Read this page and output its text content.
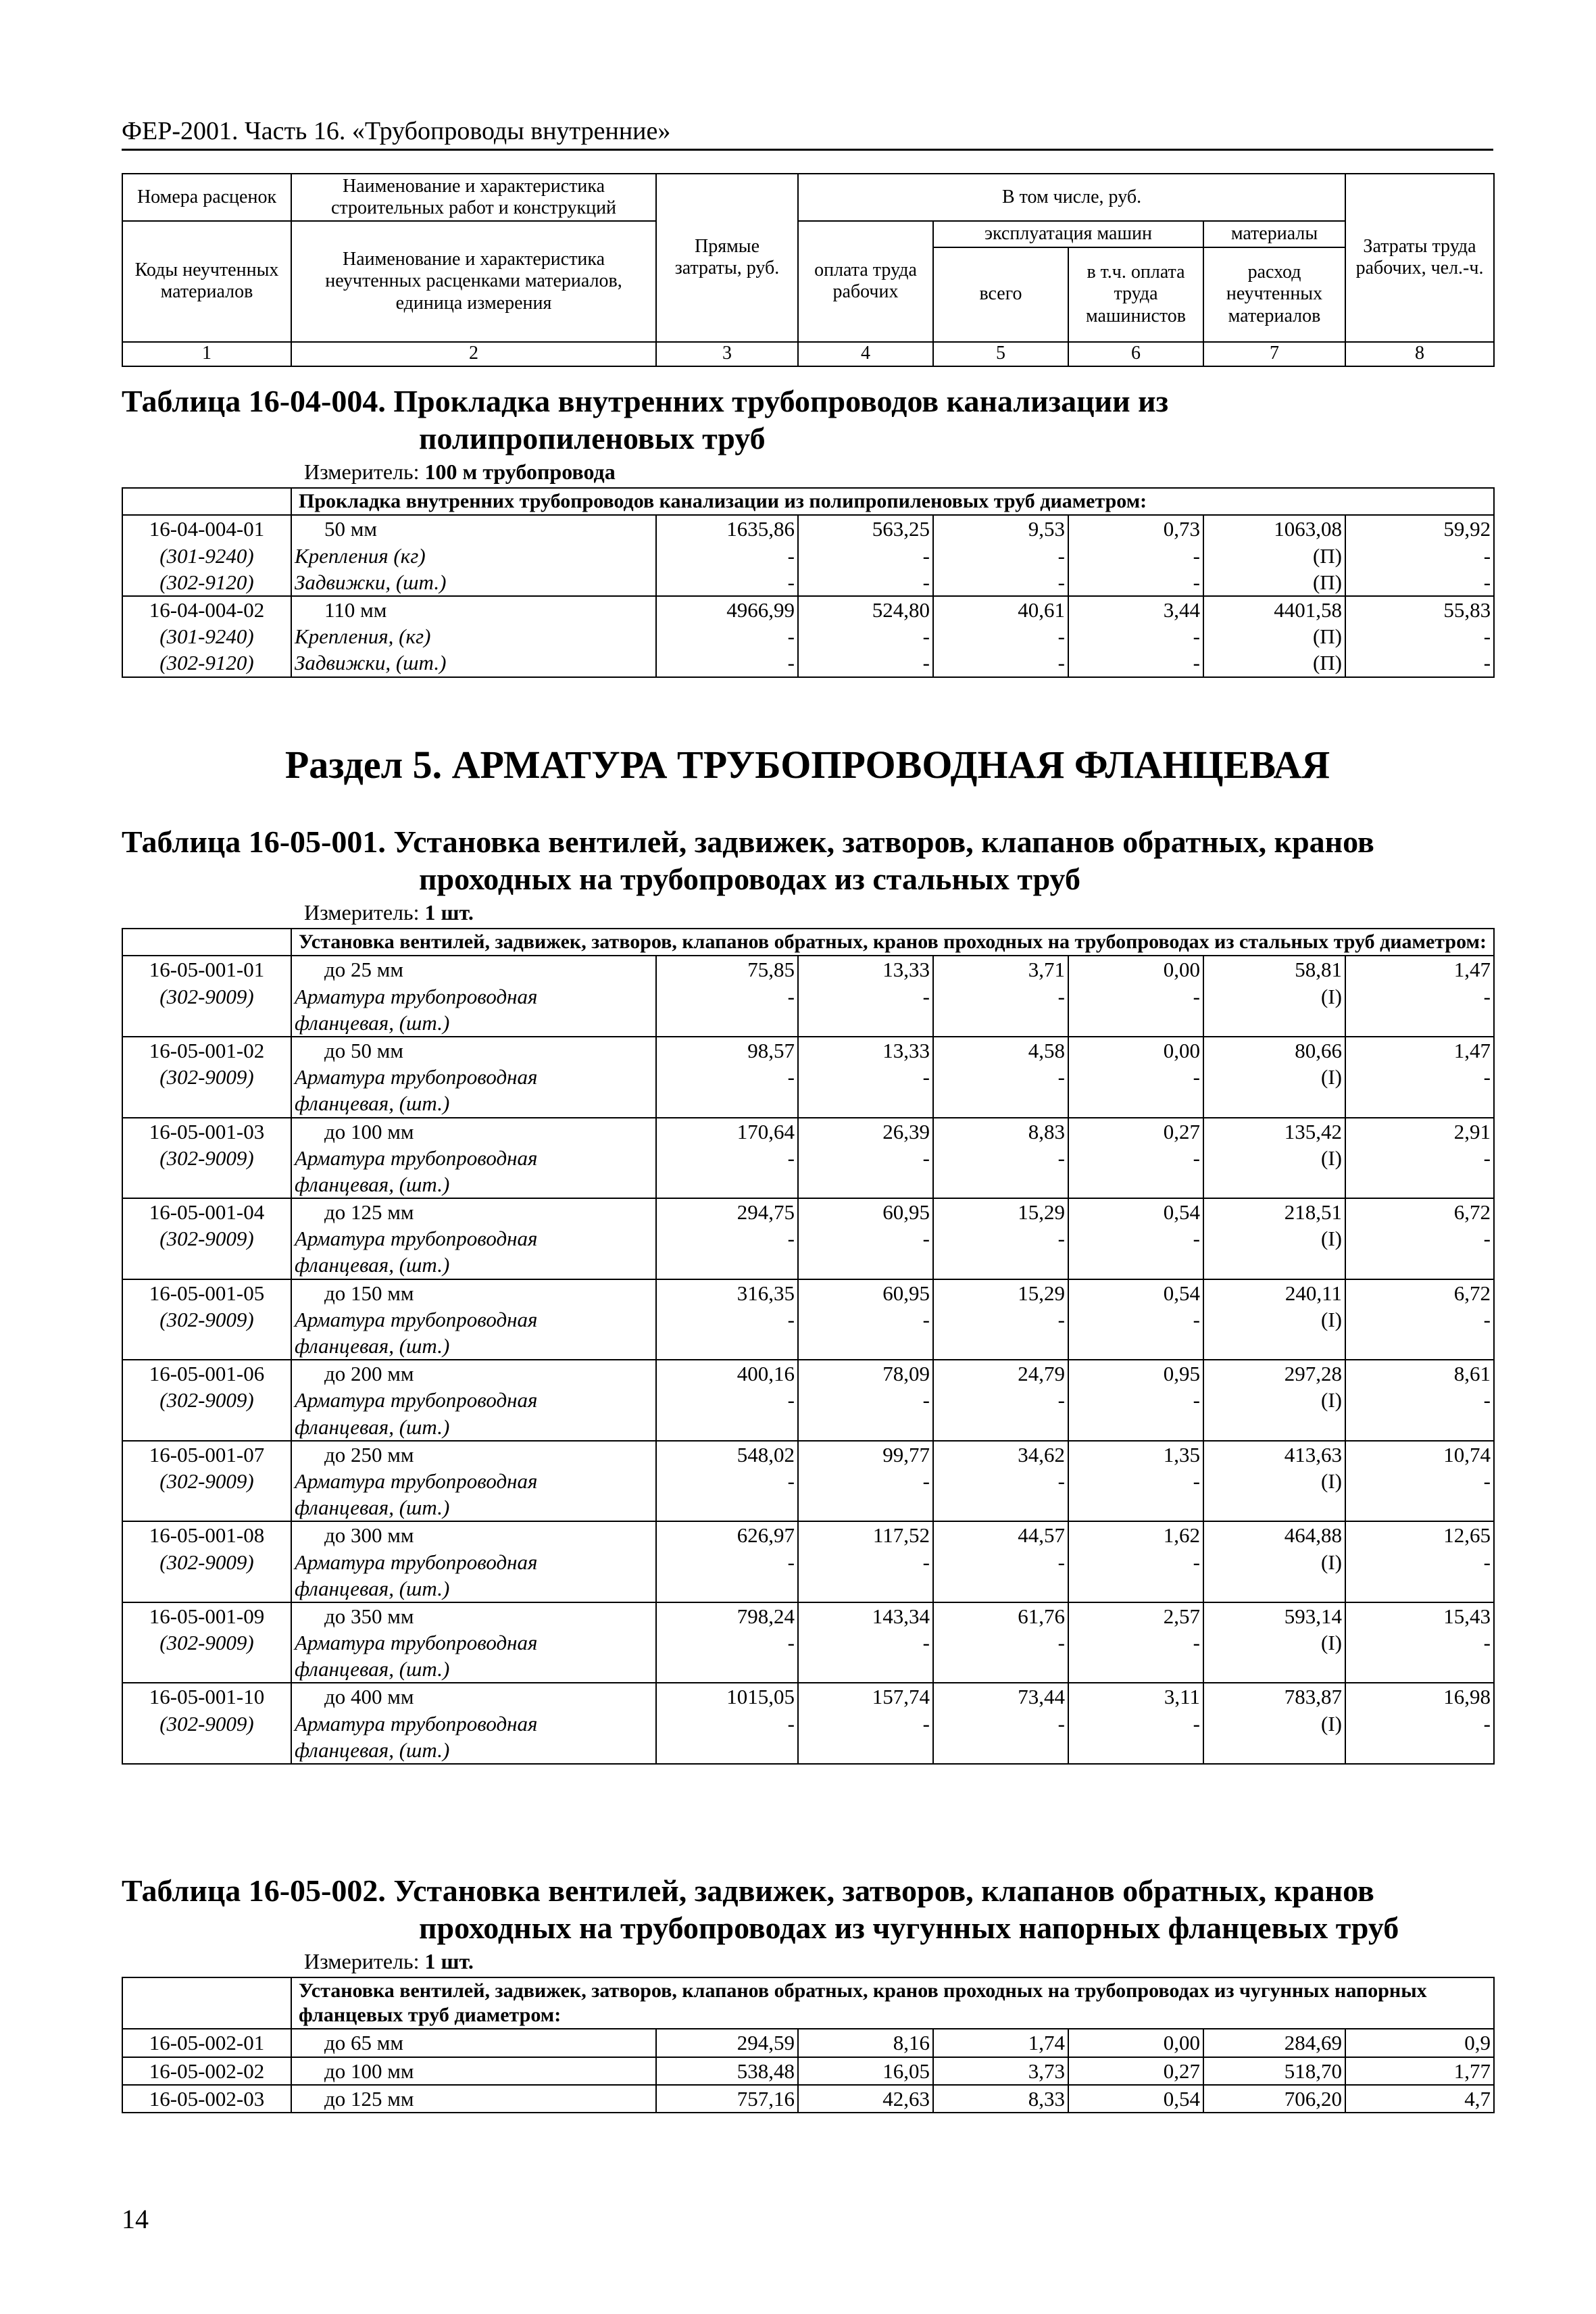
ФЕР-2001. Часть 16. «Трубопроводы внутренние»
Номера расценок	Наименование и характеристика строительных работ и конструкций	Прямые затраты, руб.	В том числе, руб.				Затраты труда рабочих, чел.-ч.
Коды неучтенных материалов	Наименование и характеристика неучтенных расценками материалов, единица измерения		оплата труда рабочих	эксплуатация машин		материалы	
				всего	в т.ч. оплата труда машинистов	расход неучтенных материалов	
1	2	3	4	5	6	7	8
Таблица 16-04-004. Прокладка внутренних трубопроводов канализации из
полипропиленовых труб
Измеритель: 100 м трубопровода
	Прокладка внутренних трубопроводов канализации из полипропиленовых труб диаметром:						
16-04-004-01	50 мм	1635,86	563,25	9,53	0,73	1063,08	59,92
(301-9240)	Крепления (кг)	-	-	-	-	(П)	-
(302-9120)	Задвижки, (шт.)	-	-	-	-	(П)	-
16-04-004-02	110 мм	4966,99	524,80	40,61	3,44	4401,58	55,83
(301-9240)	Крепления, (кг)	-	-	-	-	(П)	-
(302-9120)	Задвижки, (шт.)	-	-	-	-	(П)	-
Раздел 5. АРМАТУРА ТРУБОПРОВОДНАЯ ФЛАНЦЕВАЯ
Таблица 16-05-001. Установка вентилей, задвижек, затворов, клапанов обратных, кранов
проходных на трубопроводах из стальных труб
Измеритель: 1 шт.
	Установка вентилей, задвижек, затворов, клапанов обратных, кранов проходных на трубопроводах из стальных труб диаметром:						
16-05-001-01	до 25 мм	75,85	13,33	3,71	0,00	58,81	1,47
(302-9009)	Арматура трубопроводная	-	-	-	-	(I)	-
	фланцевая, (шт.)						
16-05-001-02	до 50 мм	98,57	13,33	4,58	0,00	80,66	1,47
(302-9009)	Арматура трубопроводная	-	-	-	-	(I)	-
	фланцевая, (шт.)						
16-05-001-03	до 100 мм	170,64	26,39	8,83	0,27	135,42	2,91
(302-9009)	Арматура трубопроводная	-	-	-	-	(I)	-
	фланцевая, (шт.)						
16-05-001-04	до 125 мм	294,75	60,95	15,29	0,54	218,51	6,72
(302-9009)	Арматура трубопроводная	-	-	-	-	(I)	-
	фланцевая, (шт.)						
16-05-001-05	до 150 мм	316,35	60,95	15,29	0,54	240,11	6,72
(302-9009)	Арматура трубопроводная	-	-	-	-	(I)	-
	фланцевая, (шт.)						
16-05-001-06	до 200 мм	400,16	78,09	24,79	0,95	297,28	8,61
(302-9009)	Арматура трубопроводная	-	-	-	-	(I)	-
	фланцевая, (шт.)						
16-05-001-07	до 250 мм	548,02	99,77	34,62	1,35	413,63	10,74
(302-9009)	Арматура трубопроводная	-	-	-	-	(I)	-
	фланцевая, (шт.)						
16-05-001-08	до 300 мм	626,97	117,52	44,57	1,62	464,88	12,65
(302-9009)	Арматура трубопроводная	-	-	-	-	(I)	-
	фланцевая, (шт.)						
16-05-001-09	до 350 мм	798,24	143,34	61,76	2,57	593,14	15,43
(302-9009)	Арматура трубопроводная	-	-	-	-	(I)	-
	фланцевая, (шт.)						
16-05-001-10	до 400 мм	1015,05	157,74	73,44	3,11	783,87	16,98
(302-9009)	Арматура трубопроводная	-	-	-	-	(I)	-
	фланцевая, (шт.)						
Таблица 16-05-002. Установка вентилей, задвижек, затворов, клапанов обратных, кранов
проходных на трубопроводах из чугунных напорных фланцевых труб
Измеритель: 1 шт.
	Установка вентилей, задвижек, затворов, клапанов обратных, кранов проходных на трубопроводах из чугунных напорных фланцевых труб диаметром:						
16-05-002-01	до 65 мм	294,59	8,16	1,74	0,00	284,69	0,9
16-05-002-02	до 100 мм	538,48	16,05	3,73	0,27	518,70	1,77
16-05-002-03	до 125 мм	757,16	42,63	8,33	0,54	706,20	4,7
14
